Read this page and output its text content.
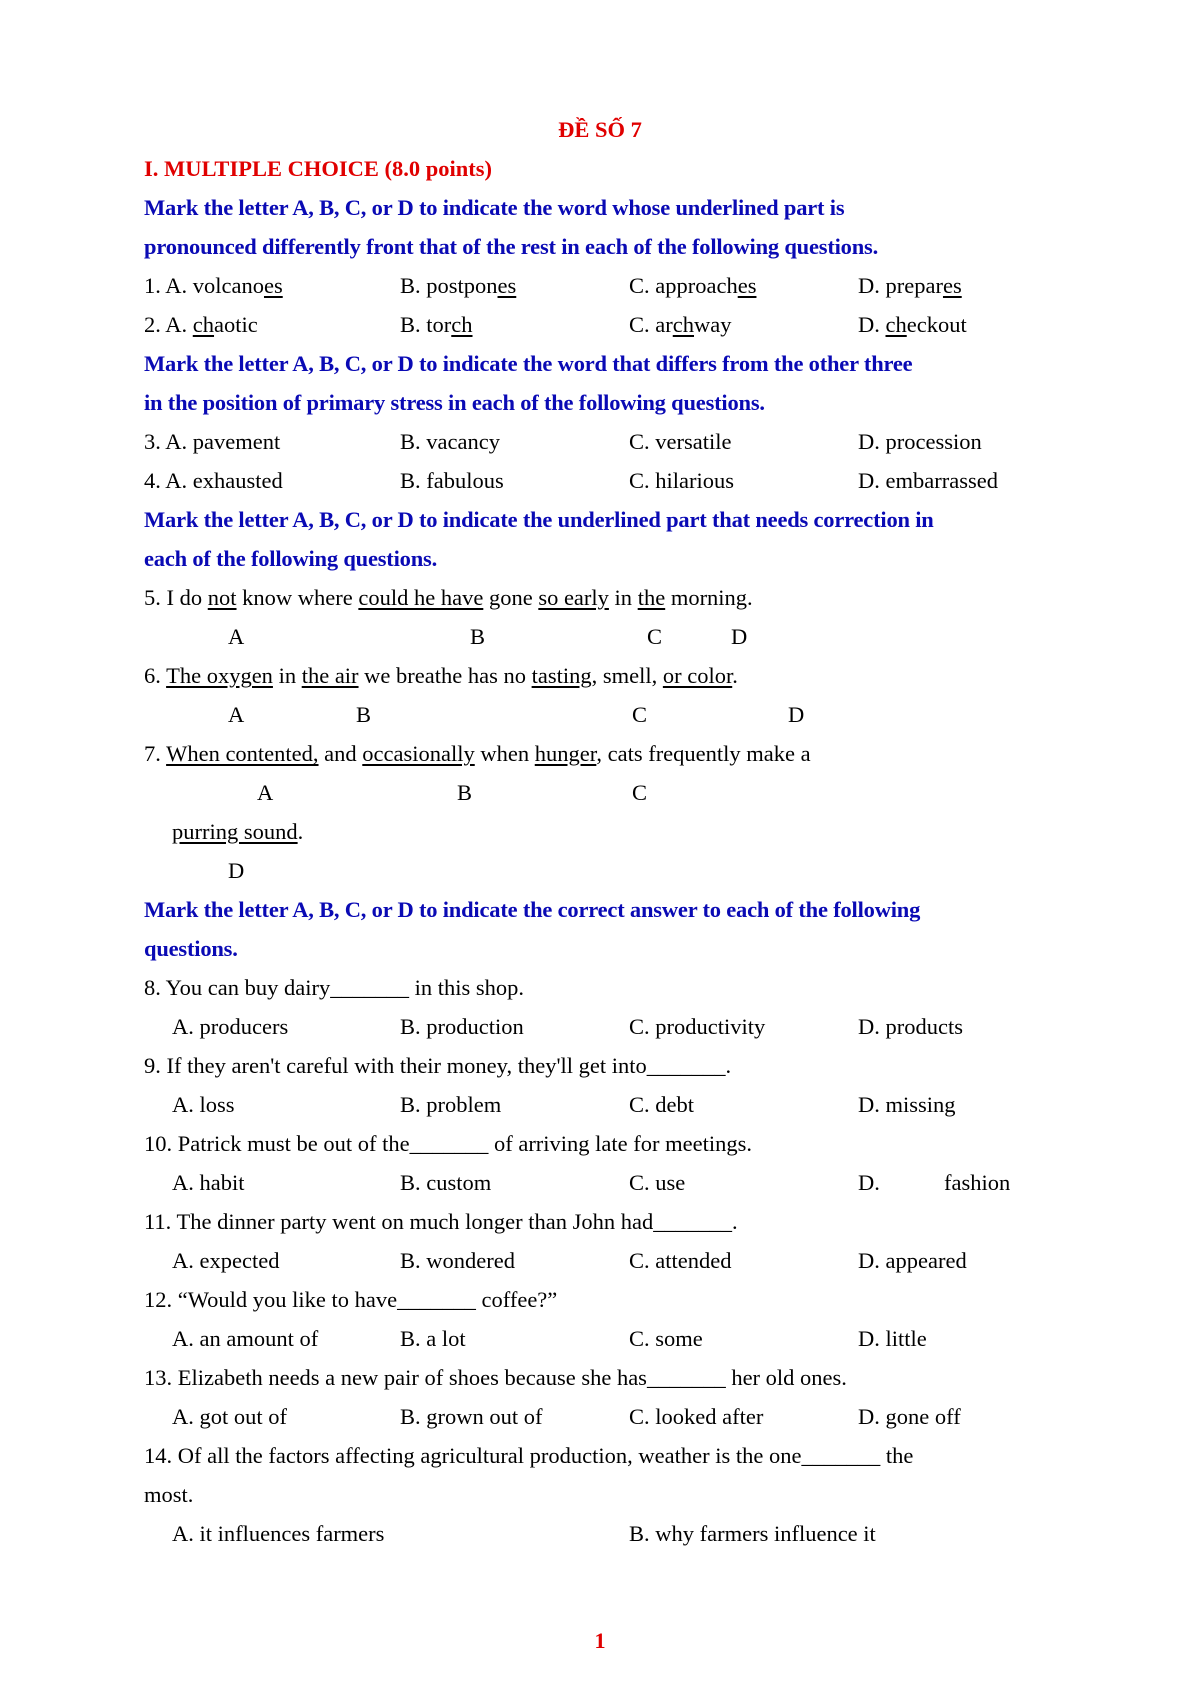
ĐỀ SỐ 7
I. MULTIPLE CHOICE (8.0 points)
Mark the letter A, B, C, or D to indicate the word whose underlined part is
pronounced differently front that of the rest in each of the following questions.
1. A. volcanoes	B. postpones	C. approaches	D. prepares
2. A. chaotic	B. torch	C. archway	D. checkout
Mark the letter A, B, C, or D to indicate the word that differs from the other three
in the position of primary stress in each of the following questions.
3. A. pavement	B. vacancy	C. versatile	D. procession
4. A. exhausted	B. fabulous	C. hilarious	D. embarrassed
Mark the letter A, B, C, or D to indicate the underlined part that needs correction in
each of the following questions.
5. I do not know where could he have gone so early in the morning.
A	B	C	D
6. The oxygen in the air we breathe has no tasting, smell, or color.
A	B	C	D
7. When contented, and occasionally when hunger, cats frequently make a
A	B	C
purring sound.
D
Mark the letter A, B, C, or D to indicate the correct answer to each of the following
questions.
8. You can buy dairy_______ in this shop.
A. producers	B. production	C. productivity	D. products
9. If they aren't careful with their money, they'll get into_______.
A. loss	B. problem	C. debt	D. missing
10. Patrick must be out of the_______ of arriving late for meetings.
A. habit	B. custom	C. use	D.	fashion
11. The dinner party went on much longer than John had_______.
A. expected	B. wondered	C. attended	D. appeared
12. “Would you like to have_______ coffee?”
A. an amount of	B. a lot	C. some	D. little
13. Elizabeth needs a new pair of shoes because she has_______ her old ones.
A. got out of	B. grown out of	C. looked after	D. gone off
14. Of all the factors affecting agricultural production, weather is the one_______ the
most.
A. it influences farmers	B. why farmers influence it
1
